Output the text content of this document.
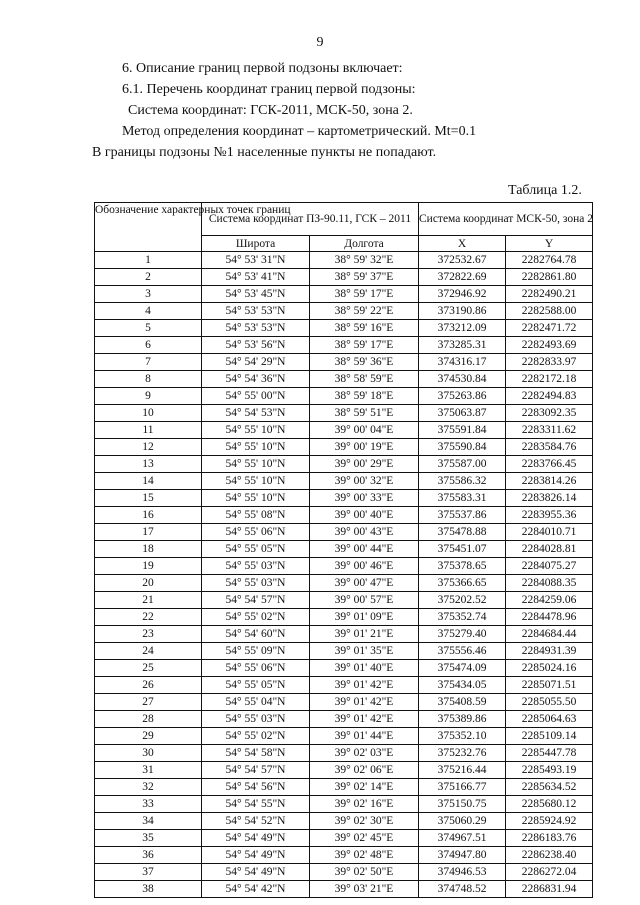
9
6. Описание границ первой подзоны включает:
6.1. Перечень координат границ первой подзоны:
Система координат: ГСК-2011, МСК-50, зона 2.
Метод определения координат – картометрический. Mt=0.1
В границы подзоны №1 населенные пункты не попадают.
Таблица 1.2.
Обозначение характерных точек границ	Система координат ПЗ-90.11, ГСК – 2011		Система координат МСК-50, зона 2	
	Широта	Долгота	X	Y
1	54° 53' 31"N	38° 59' 32"E	372532.67	2282764.78
2	54° 53' 41"N	38° 59' 37"E	372822.69	2282861.80
3	54° 53' 45"N	38° 59' 17"E	372946.92	2282490.21
4	54° 53' 53"N	38° 59' 22"E	373190.86	2282588.00
5	54° 53' 53"N	38° 59' 16"E	373212.09	2282471.72
6	54° 53' 56"N	38° 59' 17"E	373285.31	2282493.69
7	54° 54' 29"N	38° 59' 36"E	374316.17	2282833.97
8	54° 54' 36"N	38° 58' 59"E	374530.84	2282172.18
9	54° 55' 00"N	38° 59' 18"E	375263.86	2282494.83
10	54° 54' 53"N	38° 59' 51"E	375063.87	2283092.35
11	54° 55' 10"N	39° 00' 04"E	375591.84	2283311.62
12	54° 55' 10"N	39° 00' 19"E	375590.84	2283584.76
13	54° 55' 10"N	39° 00' 29"E	375587.00	2283766.45
14	54° 55' 10"N	39° 00' 32"E	375586.32	2283814.26
15	54° 55' 10"N	39° 00' 33"E	375583.31	2283826.14
16	54° 55' 08"N	39° 00' 40"E	375537.86	2283955.36
17	54° 55' 06"N	39° 00' 43"E	375478.88	2284010.71
18	54° 55' 05"N	39° 00' 44"E	375451.07	2284028.81
19	54° 55' 03"N	39° 00' 46"E	375378.65	2284075.27
20	54° 55' 03"N	39° 00' 47"E	375366.65	2284088.35
21	54° 54' 57"N	39° 00' 57"E	375202.52	2284259.06
22	54° 55' 02"N	39° 01' 09"E	375352.74	2284478.96
23	54° 54' 60"N	39° 01' 21"E	375279.40	2284684.44
24	54° 55' 09"N	39° 01' 35"E	375556.46	2284931.39
25	54° 55' 06"N	39° 01' 40"E	375474.09	2285024.16
26	54° 55' 05"N	39° 01' 42"E	375434.05	2285071.51
27	54° 55' 04"N	39° 01' 42"E	375408.59	2285055.50
28	54° 55' 03"N	39° 01' 42"E	375389.86	2285064.63
29	54° 55' 02"N	39° 01' 44"E	375352.10	2285109.14
30	54° 54' 58"N	39° 02' 03"E	375232.76	2285447.78
31	54° 54' 57"N	39° 02' 06"E	375216.44	2285493.19
32	54° 54' 56"N	39° 02' 14"E	375166.77	2285634.52
33	54° 54' 55"N	39° 02' 16"E	375150.75	2285680.12
34	54° 54' 52"N	39° 02' 30"E	375060.29	2285924.92
35	54° 54' 49"N	39° 02' 45"E	374967.51	2286183.76
36	54° 54' 49"N	39° 02' 48"E	374947.80	2286238.40
37	54° 54' 49"N	39° 02' 50"E	374946.53	2286272.04
38	54° 54' 42"N	39° 03' 21"E	374748.52	2286831.94
